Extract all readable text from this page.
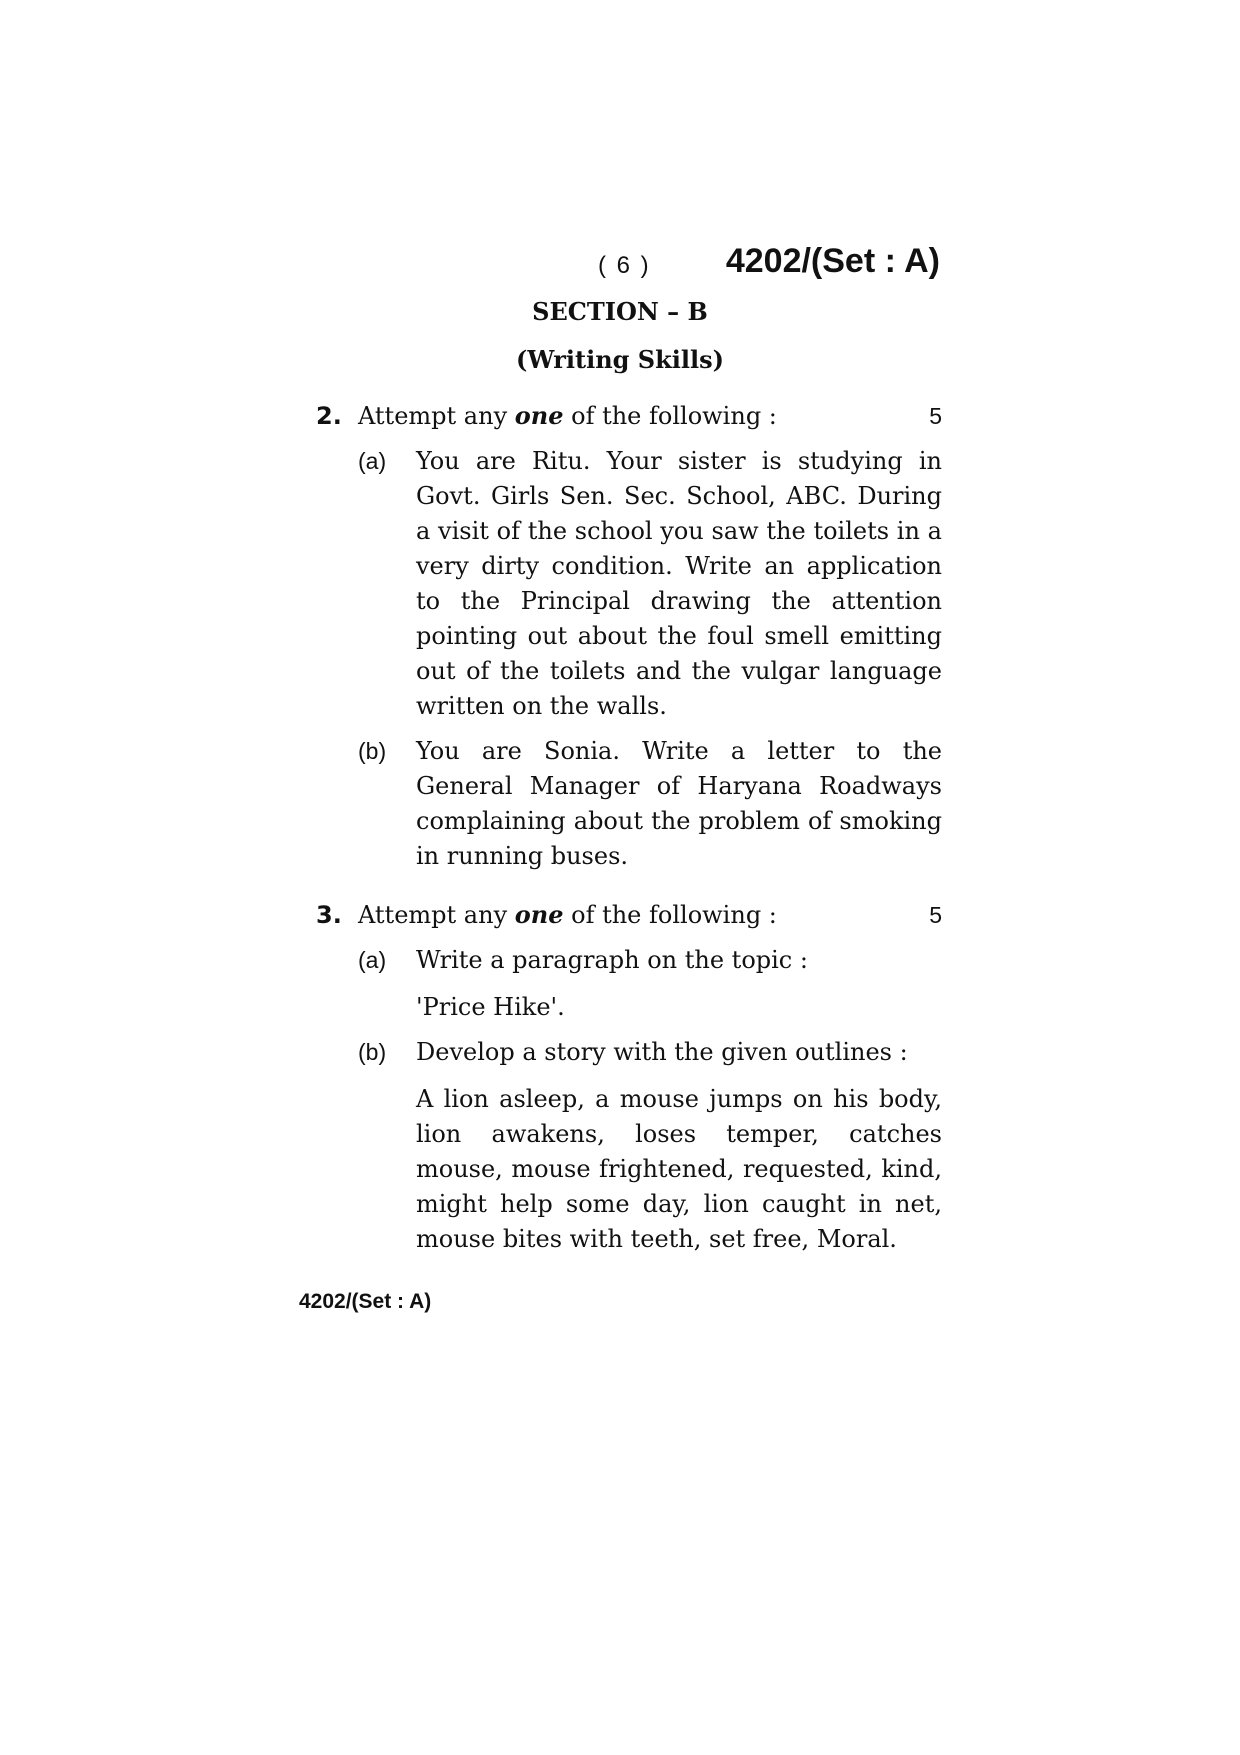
( 6 ) 4202/(Set : A)
SECTION – B
(Writing Skills)
2. Attempt any one of the following :	5
(a)	You are Ritu. Your sister is studying in Govt. Girls Sen. Sec. School, ABC. During a visit of the school you saw the toilets in a very dirty condition. Write an application to the Principal drawing the attention pointing out about the foul smell emitting out of the toilets and the vulgar language written on the walls.

(b)	You are Sonia. Write a letter to the General Manager of Haryana Roadways complaining about the problem of smoking in running buses.

3. Attempt any one of the following :	5
(a)	Write a paragraph on the topic :

'Price Hike'.

(b)	Develop a story with the given outlines :

A lion asleep, a mouse jumps on his body, lion awakens, loses temper, catches mouse, mouse frightened, requested, kind, might help some day, lion caught in net, mouse bites with teeth, set free, Moral.

4202/(Set : A)
